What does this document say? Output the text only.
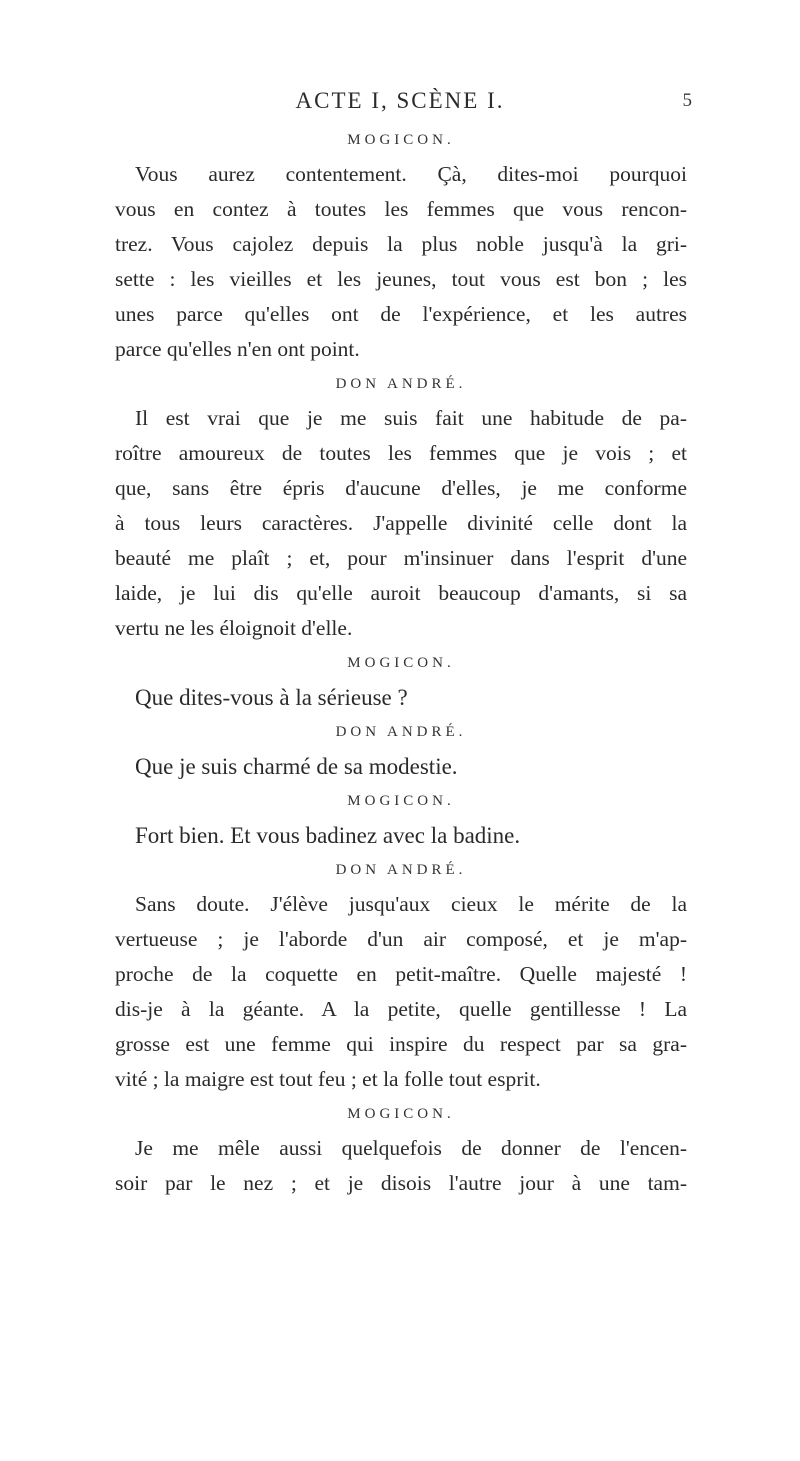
ACTE I, SCÈNE I.	5
MOGICON.
Vous aurez contentement. Çà, dites-moi pourquoi
vous en contez à toutes les femmes que vous rencon-
trez. Vous cajolez depuis la plus noble jusqu'à la gri-
sette : les vieilles et les jeunes, tout vous est bon ; les
unes parce qu'elles ont de l'expérience, et les autres
parce qu'elles n'en ont point.
DON ANDRÉ.
Il est vrai que je me suis fait une habitude de pa-
roître amoureux de toutes les femmes que je vois ; et
que, sans être épris d'aucune d'elles, je me conforme
à tous leurs caractères. J'appelle divinité celle dont la
beauté me plaît ; et, pour m'insinuer dans l'esprit d'une
laide, je lui dis qu'elle auroit beaucoup d'amants, si sa
vertu ne les éloignoit d'elle.
MOGICON.
Que dites-vous à la sérieuse ?
DON ANDRÉ.
Que je suis charmé de sa modestie.
MOGICON.
Fort bien. Et vous badinez avec la badine.
DON ANDRÉ.
Sans doute. J'élève jusqu'aux cieux le mérite de la
vertueuse ; je l'aborde d'un air composé, et je m'ap-
proche de la coquette en petit-maître. Quelle majesté !
dis-je à la géante. A la petite, quelle gentillesse ! La
grosse est une femme qui inspire du respect par sa gra-
vité ; la maigre est tout feu ; et la folle tout esprit.
MOGICON.
Je me mêle aussi quelquefois de donner de l'encen-
soir par le nez ; et je disois l'autre jour à une tam-
